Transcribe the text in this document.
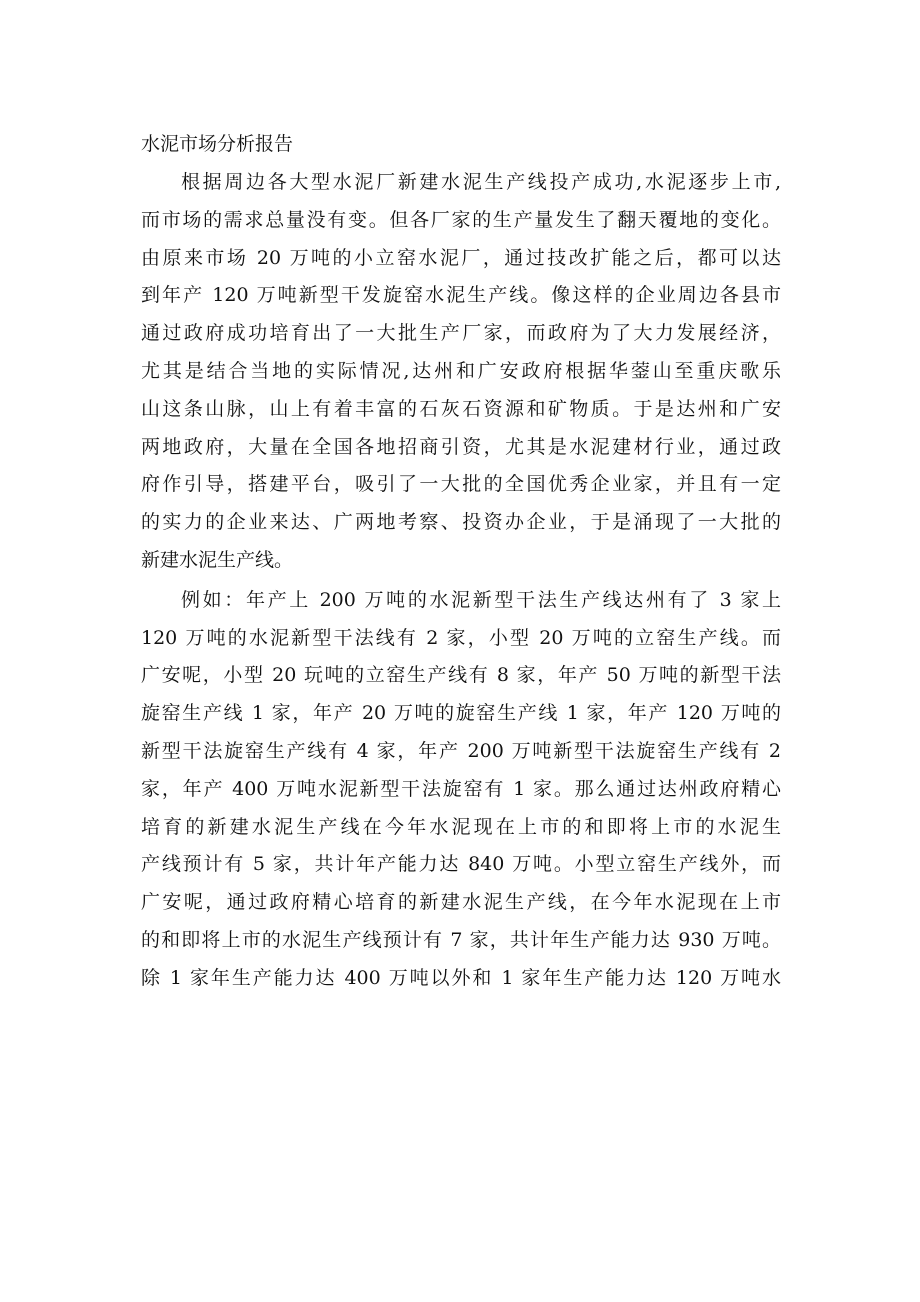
水泥市场分析报告
根据周边各大型水泥厂新建水泥生产线投产成功,水泥逐步上市,
而市场的需求总量没有变。但各厂家的生产量发生了翻天覆地的变化。
由原来市场 20 万吨的小立窑水泥厂，通过技改扩能之后，都可以达
到年产 120 万吨新型干发旋窑水泥生产线。像这样的企业周边各县市
通过政府成功培育出了一大批生产厂家，而政府为了大力发展经济，
尤其是结合当地的实际情况,达州和广安政府根据华蓥山至重庆歌乐
山这条山脉，山上有着丰富的石灰石资源和矿物质。于是达州和广安
两地政府，大量在全国各地招商引资，尤其是水泥建材行业，通过政
府作引导，搭建平台，吸引了一大批的全国优秀企业家，并且有一定
的实力的企业来达、广两地考察、投资办企业，于是涌现了一大批的
新建水泥生产线。
例如：年产上 200 万吨的水泥新型干法生产线达州有了 3 家上
120 万吨的水泥新型干法线有 2 家，小型 20 万吨的立窑生产线。而
广安呢，小型 20 玩吨的立窑生产线有 8 家，年产 50 万吨的新型干法
旋窑生产线 1 家，年产 20 万吨的旋窑生产线 1 家，年产 120 万吨的
新型干法旋窑生产线有 4 家，年产 200 万吨新型干法旋窑生产线有 2
家，年产 400 万吨水泥新型干法旋窑有 1 家。那么通过达州政府精心
培育的新建水泥生产线在今年水泥现在上市的和即将上市的水泥生
产线预计有 5 家，共计年产能力达 840 万吨。小型立窑生产线外，而
广安呢，通过政府精心培育的新建水泥生产线，在今年水泥现在上市
的和即将上市的水泥生产线预计有 7 家，共计年生产能力达 930 万吨。
除 1 家年生产能力达 400 万吨以外和 1 家年生产能力达 120 万吨水
